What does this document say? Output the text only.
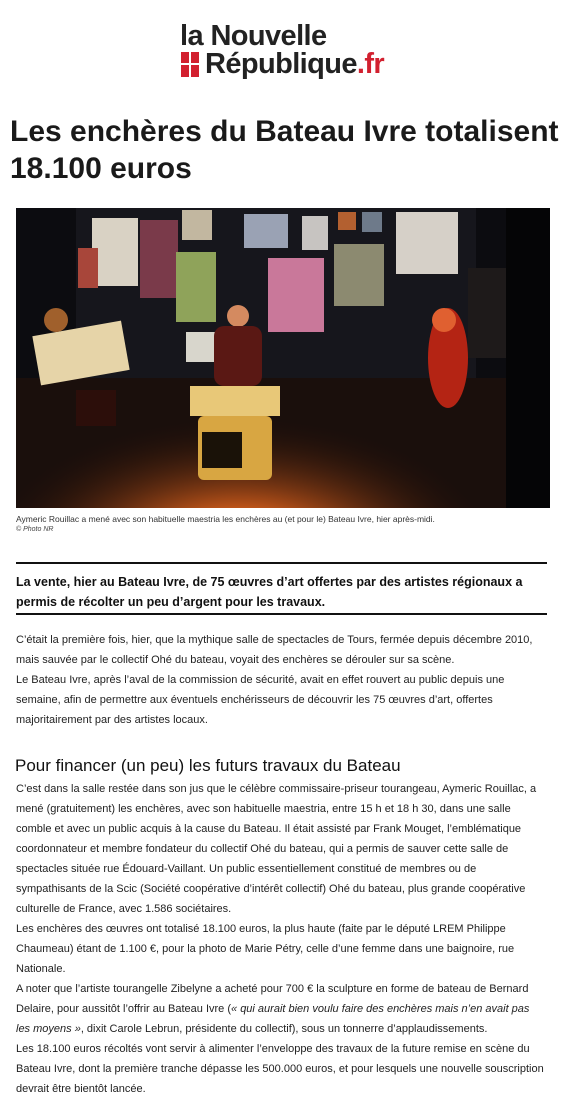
la Nouvelle
République.fr
Les enchères du Bateau Ivre totalisent 18.100 euros
Aymeric Rouillac a mené avec son habituelle maestria les enchères au (et pour le) Bateau Ivre, hier après-midi.
© Photo NR
La vente, hier au Bateau Ivre, de 75 œuvres d’art offertes par des artistes régionaux a permis de récolter un peu d’argent pour les travaux.

C’était la première fois, hier, que la mythique salle de spectacles de Tours, fermée depuis décembre 2010, mais sauvée par le collectif Ohé du bateau, voyait des enchères se dérouler sur sa scène.

Le Bateau Ivre, après l’aval de la commission de sécurité, avait en effet rouvert au public depuis une semaine, afin de permettre aux éventuels enchérisseurs de découvrir les 75 œuvres d’art, offertes majoritairement par des artistes locaux.

Pour financer (un peu) les futurs travaux du Bateau

C’est dans la salle restée dans son jus que le célèbre commissaire-priseur tourangeau, Aymeric Rouillac, a mené (gratuitement) les enchères, avec son habituelle maestria, entre 15 h et 18 h 30, dans une salle comble et avec un public acquis à la cause du Bateau. Il était assisté par Frank Mouget, l’emblématique coordonnateur et membre fondateur du collectif Ohé du bateau, qui a permis de sauver cette salle de spectacles située rue Édouard-Vaillant. Un public essentiellement constitué de membres ou de sympathisants de la Scic (Société coopérative d’intérêt collectif) Ohé du bateau, plus grande coopérative culturelle de France, avec 1.586 sociétaires.

Les enchères des œuvres ont totalisé 18.100 euros, la plus haute (faite par le député LREM Philippe Chaumeau) étant de 1.100 €, pour la photo de Marie Pétry, celle d’une femme dans une baignoire, rue Nationale.

A noter que l’artiste tourangelle Zibelyne a acheté pour 700 € la sculpture en forme de bateau de Bernard Delaire, pour aussitôt l’offrir au Bateau Ivre (« qui aurait bien voulu faire des enchères mais n’en avait pas les moyens », dixit Carole Lebrun, présidente du collectif), sous un tonnerre d’applaudissements.

Les 18.100 euros récoltés vont servir à alimenter l’enveloppe des travaux de la future remise en scène du Bateau Ivre, dont la première tranche dépasse les 500.000 euros, et pour lesquels une nouvelle souscription devrait être bientôt lancée.
